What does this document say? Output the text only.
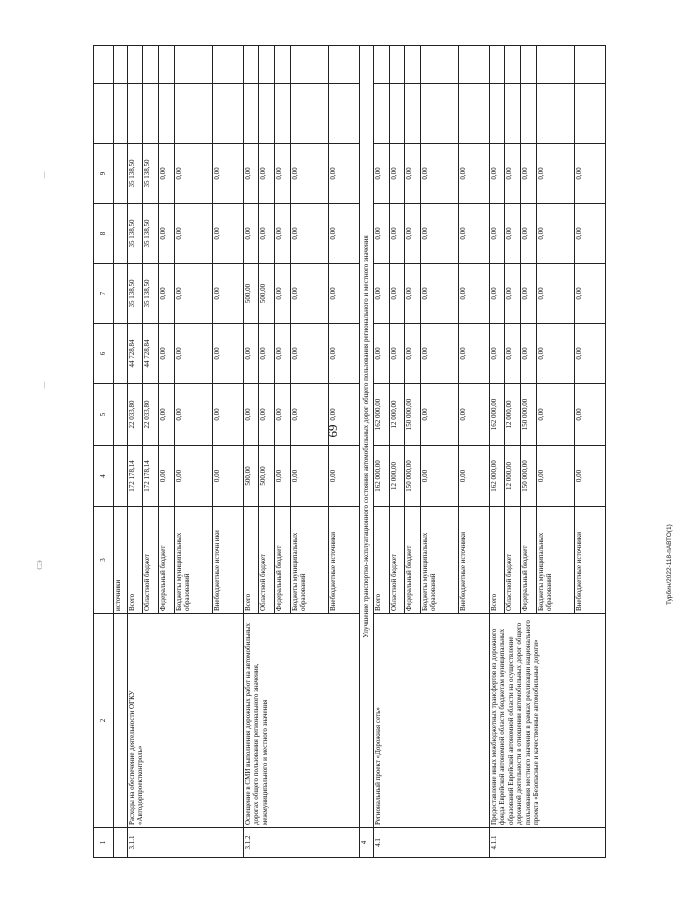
69
СЭ
—
—
Турбин/2022-118-пАВТО(1)
1	2	3	4	5	6	7	8	9		
		источники								
3.1.1	Расходы на обеспечение деятельности ОГКУ «Автодорпроектконтроль»	Всего	172 178,14	22 033,80	44 728,84	35 138,50	35 138,50	35 138,50		
		Областной бюджет	172 178,14	22 033,80	44 728,84	35 138,50	35 138,50	35 138,50		
		Федеральный бюджет	0,00	0,00	0,00	0,00	0,00	0,00		
		Бюджеты муниципальных образований	0,00	0,00	0,00	0,00	0,00	0,00		
		Внебюджетные источн ики	0,00	0,00	0,00	0,00	0,00	0,00		
3.1.2	Освещение в СМИ выполнения дорожных работ на автомобильных дорогах общего пользования регионального значения, межмуниципального и местного значения	Всего	500,00	0,00	0,00	500,00	0,00	0,00		
		Областной бюджет	500,00	0,00	0,00	500,00	0,00	0,00		
		Федеральный бюджет	0,00	0,00	0,00	0,00	0,00	0,00		
		Бюджеты муниципальных образований	0,00	0,00	0,00	0,00	0,00	0,00		
		Внебюджетные источники	0,00	0,00	0,00	0,00	0,00	0,00		
4	Улучшение транспортно-эксплуатационного состояния автомобильных дорог общего пользования регионального и местного значения									
4.1	Региональный проект «Дорожная сеть»	Всего	162 000,00	162 000,00	0,00	0,00	0,00	0,00		
		Областной бюджет	12 000,00	12 000,00	0,00	0,00	0,00	0,00		
		Федеральный бюджет	150 000,00	150 000,00	0,00	0,00	0,00	0,00		
		Бюджеты муниципальных образований	0,00	0,00	0,00	0,00	0,00	0,00		
		Внебюджетные источники	0,00	0,00	0,00	0,00	0,00	0,00		
4.1.1	Предоставление иных межбюджетных трансфертов из дорожного фонда Еврейской автономной области бюджетам муниципальных образований Еврейской автономной области на осуществление дорожной деятельности в отношении автомобильных дорог общего пользования местного значения в рамках реализации национального проекта «Безопасные и качественные автомобильные дороги»	Всего	162 000,00	162 000,00	0,00	0,00	0,00	0,00		
		Областной бюджет	12 000,00	12 000,00	0,00	0,00	0,00	0,00		
		Федеральный бюджет	150 000,00	150 000,00	0,00	0,00	0,00	0,00		
		Бюджеты муниципальных образований	0,00	0,00	0,00	0,00	0,00	0,00		
		Внебюджетные источники	0,00	0,00	0,00	0,00	0,00	0,00		
